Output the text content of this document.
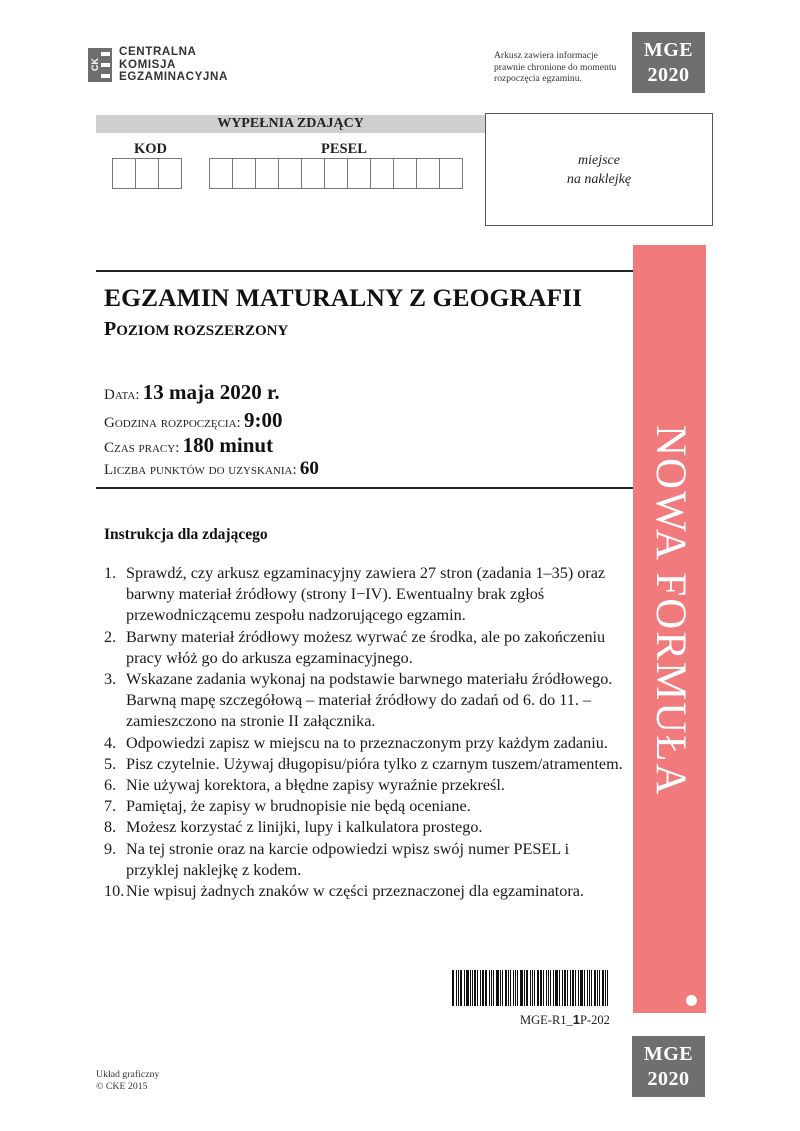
CK
CENTRALNA
KOMISJA
EGZAMINACYJNA
Arkusz zawiera informacje
prawnie chronione do momentu
rozpoczęcia egzaminu.
MGE
2020
WYPEŁNIA ZDAJĄCY
KOD	PESEL
miejsce
na naklejkę
NOWA FORMUŁA
EGZAMIN MATURALNY Z GEOGRAFII
POZIOM ROZSZERZONY
Data: 13 maja 2020 r.
Godzina rozpoczęcia: 9:00
Czas pracy: 180 minut
Liczba punktów do uzyskania: 60
Instrukcja dla zdającego
1. Sprawdź, czy arkusz egzaminacyjny zawiera 27 stron (zadania 1–35) oraz barwny materiał źródłowy (strony I−IV). Ewentualny brak zgłoś przewodniczącemu zespołu nadzorującego egzamin.
2. Barwny materiał źródłowy możesz wyrwać ze środka, ale po zakończeniu pracy włóż go do arkusza egzaminacyjnego.
3. Wskazane zadania wykonaj na podstawie barwnego materiału źródłowego. Barwną mapę szczegółową – materiał źródłowy do zadań od 6. do 11. – zamieszczono na stronie II załącznika.
4. Odpowiedzi zapisz w miejscu na to przeznaczonym przy każdym zadaniu.
5. Pisz czytelnie. Używaj długopisu/pióra tylko z czarnym tuszem/atramentem.
6. Nie używaj korektora, a błędne zapisy wyraźnie przekreśl.
7. Pamiętaj, że zapisy w brudnopisie nie będą oceniane.
8. Możesz korzystać z linijki, lupy i kalkulatora prostego.
9. Na tej stronie oraz na karcie odpowiedzi wpisz swój numer PESEL i przyklej naklejkę z kodem.
10. Nie wpisuj żadnych znaków w części przeznaczonej dla egzaminatora.
MGE-R1_1P-202
MGE
2020
Układ graficzny
© CKE 2015
